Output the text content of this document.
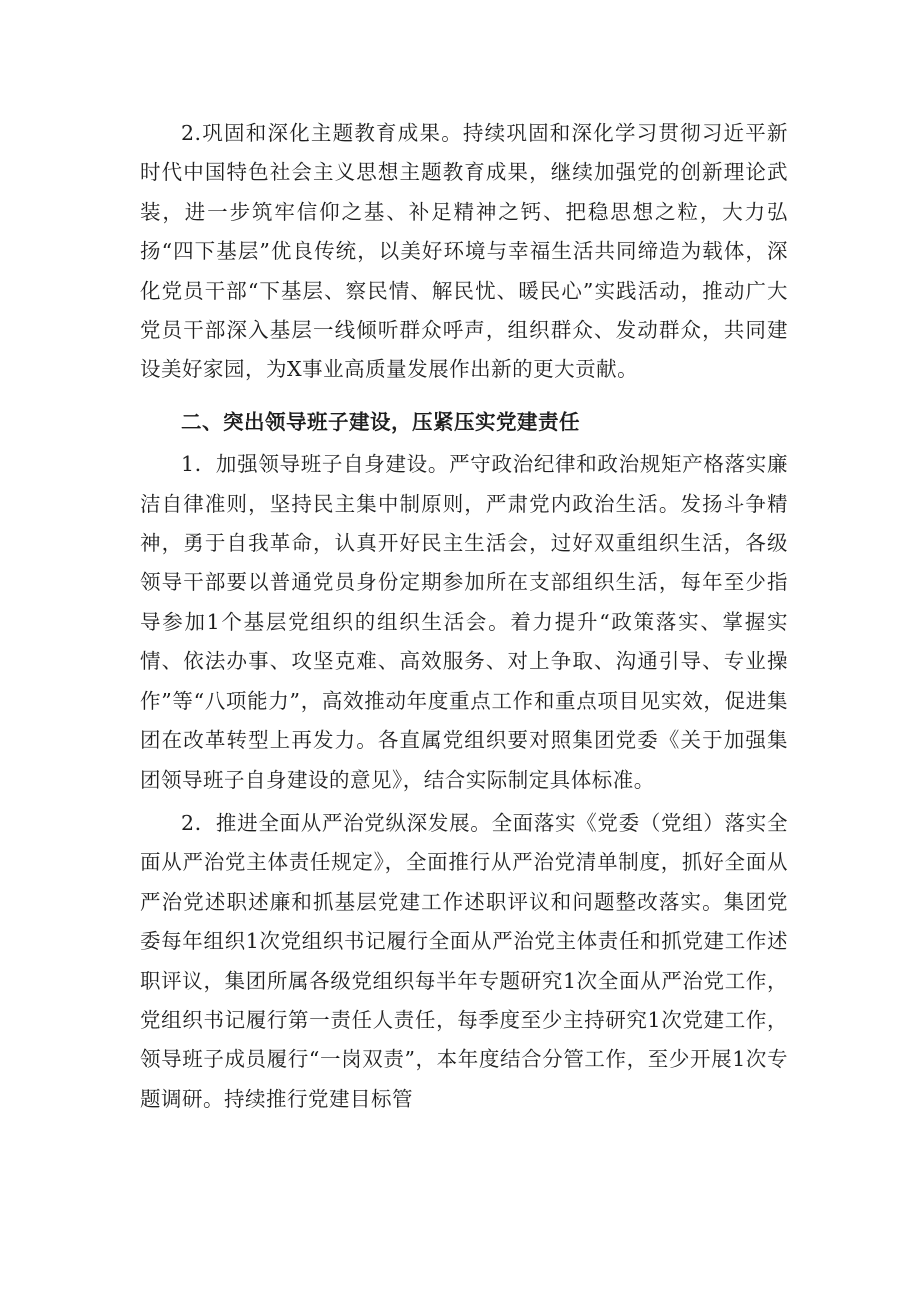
2.巩固和深化主题教育成果。持续巩固和深化学习贯彻习近平新时代中国特色社会主义思想主题教育成果，继续加强党的创新理论武装，进一步筑牢信仰之基、补足精神之钙、把稳思想之粒，大力弘扬“四下基层”优良传统，以美好环境与幸福生活共同缔造为载体，深化党员干部“下基层、察民情、解民忧、暖民心”实践活动，推动广大党员干部深入基层一线倾听群众呼声，组织群众、发动群众，共同建设美好家园，为X事业高质量发展作出新的更大贡献。

二、突出领导班子建设，压紧压实党建责任

1．加强领导班子自身建设。严守政治纪律和政治规矩产格落实廉洁自律准则，坚持民主集中制原则，严肃党内政治生活。发扬斗争精神，勇于自我革命，认真开好民主生活会，过好双重组织生活，各级领导干部要以普通党员身份定期参加所在支部组织生活，每年至少指导参加1个基层党组织的组织生活会。着力提升“政策落实、掌握实情、依法办事、攻坚克难、高效服务、对上争取、沟通引导、专业操作”等“八项能力”，高效推动年度重点工作和重点项目见实效，促进集团在改革转型上再发力。各直属党组织要对照集团党委《关于加强集团领导班子自身建设的意见》，结合实际制定具体标准。

2．推进全面从严治党纵深发展。全面落实《党委（党组）落实全面从严治党主体责任规定》，全面推行从严治党清单制度，抓好全面从严治党述职述廉和抓基层党建工作述职评议和问题整改落实。集团党委每年组织1次党组织书记履行全面从严治党主体责任和抓党建工作述职评议，集团所属各级党组织每半年专题研究1次全面从严治党工作，党组织书记履行第一责任人责任，每季度至少主持研究1次党建工作，领导班子成员履行“一岗双责”，本年度结合分管工作，至少开展1次专题调研。持续推行党建目标管
